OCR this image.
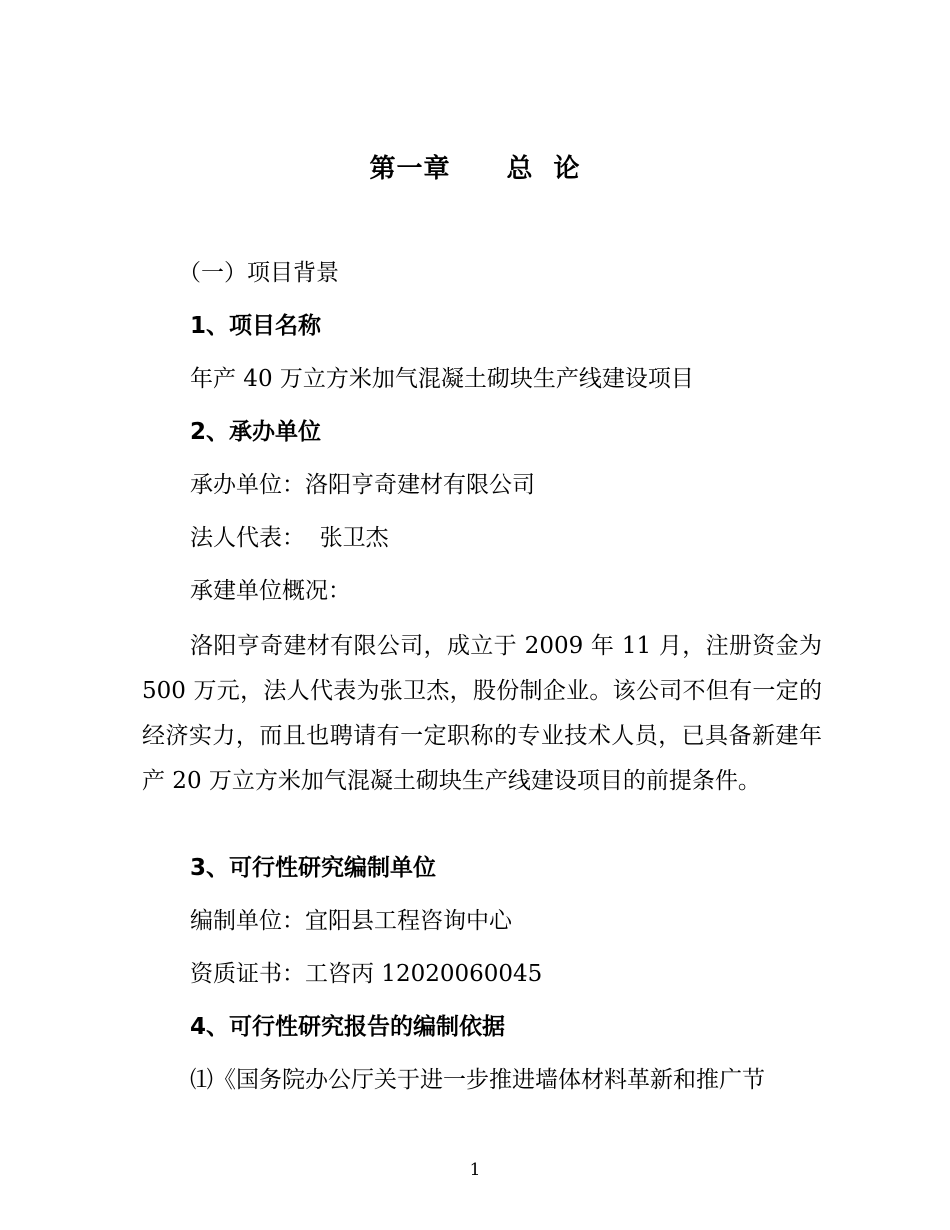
第一章 总  论
（一）项目背景
1、项目名称
年产 40 万立方米加气混凝土砌块生产线建设项目
2、承办单位
承办单位：洛阳亨奇建材有限公司
法人代表：  张卫杰
承建单位概况：
洛阳亨奇建材有限公司，成立于 2009 年 11 月，注册资金为 500 万元，法人代表为张卫杰，股份制企业。该公司不但有一定的经济实力，而且也聘请有一定职称的专业技术人员，已具备新建年产 20 万立方米加气混凝土砌块生产线建设项目的前提条件。
3、可行性研究编制单位
编制单位：宜阳县工程咨询中心
资质证书：工咨丙 12020060045
4、可行性研究报告的编制依据
⑴《国务院办公厅关于进一步推进墙体材料革新和推广节
1
